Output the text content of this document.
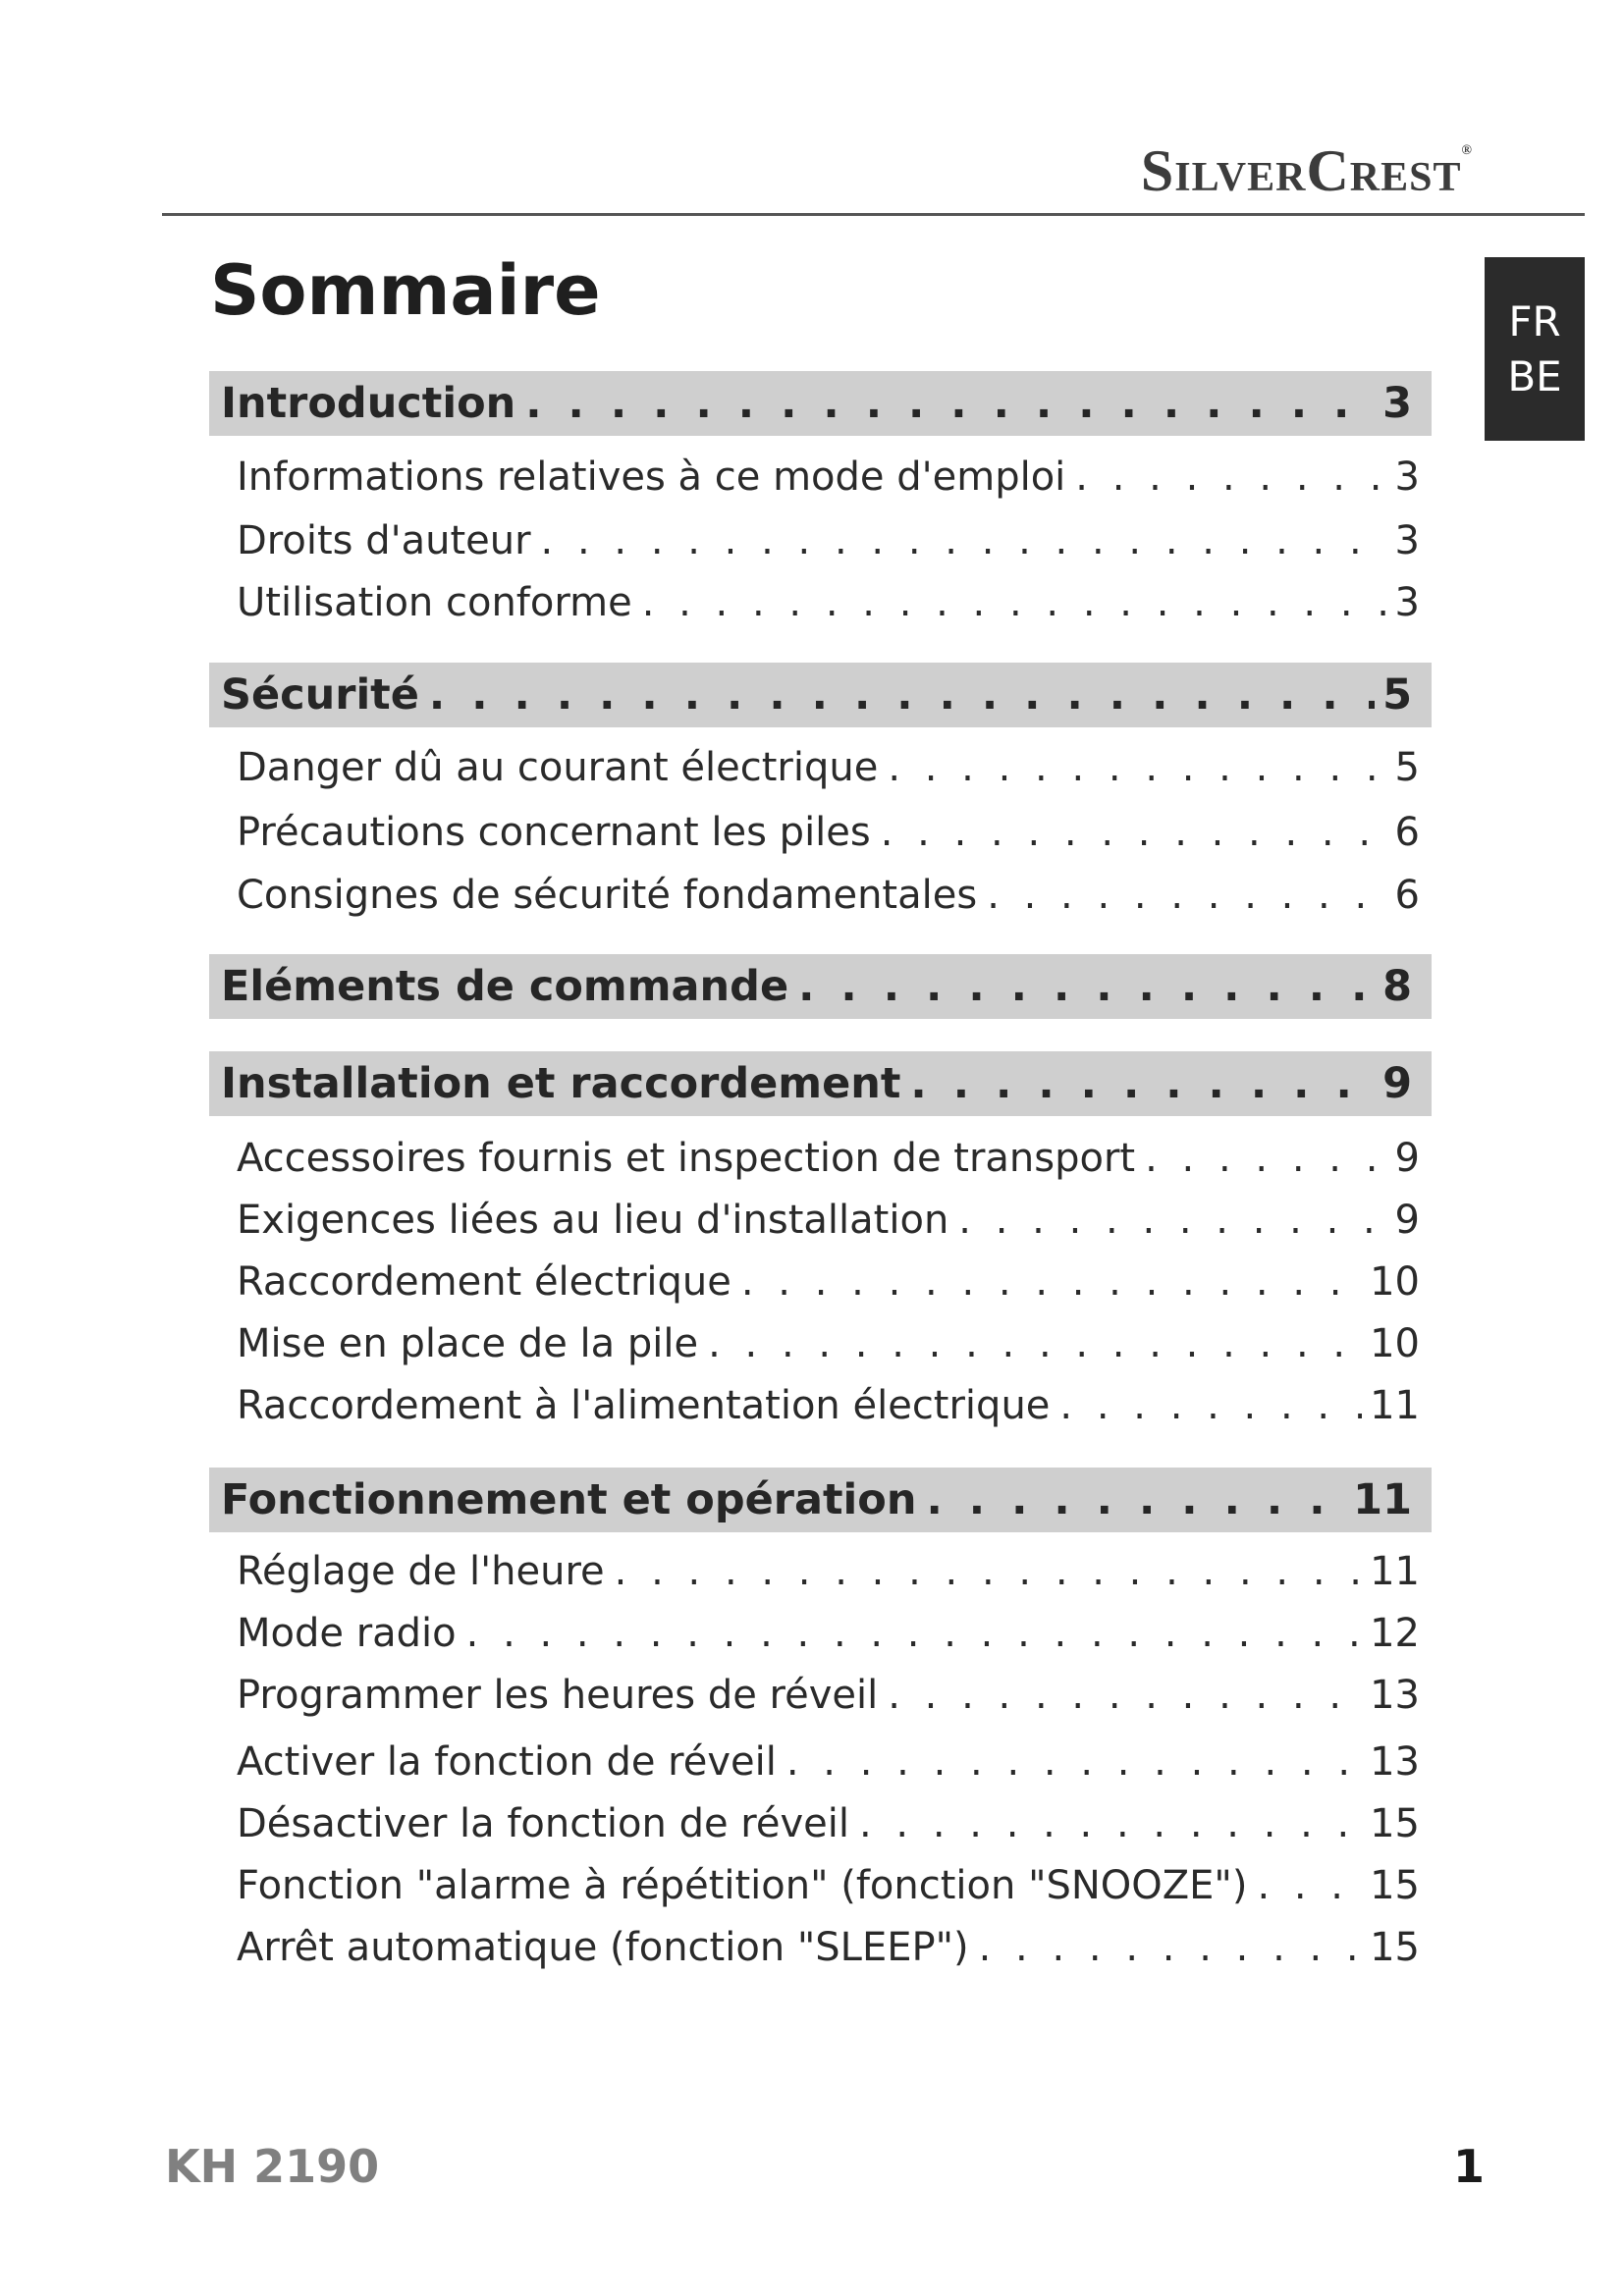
SilverCrest®
FR
BE
Sommaire
Introduction . . .	3
Informations relatives à ce mode d'emploi . . .	3
Droits d'auteur . . .	3
Utilisation conforme . . .	3
Sécurité . . .	5
Danger dû au courant électrique . . .	5
Précautions concernant les piles . . .	6
Consignes de sécurité fondamentales . . .	6
Eléments de commande . . .	8
Installation et raccordement . . .	9
Accessoires fournis et inspection de transport . . .	9
Exigences liées au lieu d'installation . . .	9
Raccordement électrique . . .	10
Mise en place de la pile . . .	10
Raccordement à l'alimentation électrique . . .	11
Fonctionnement et opération . . .	11
Réglage de l'heure . . .	11
Mode radio . . .	12
Programmer les heures de réveil . . .	13
Activer la fonction de réveil . . .	13
Désactiver la fonction de réveil . . .	15
Fonction "alarme à répétition" (fonction "SNOOZE") . . .	15
Arrêt automatique (fonction "SLEEP") . . .	15
KH 2190	1
